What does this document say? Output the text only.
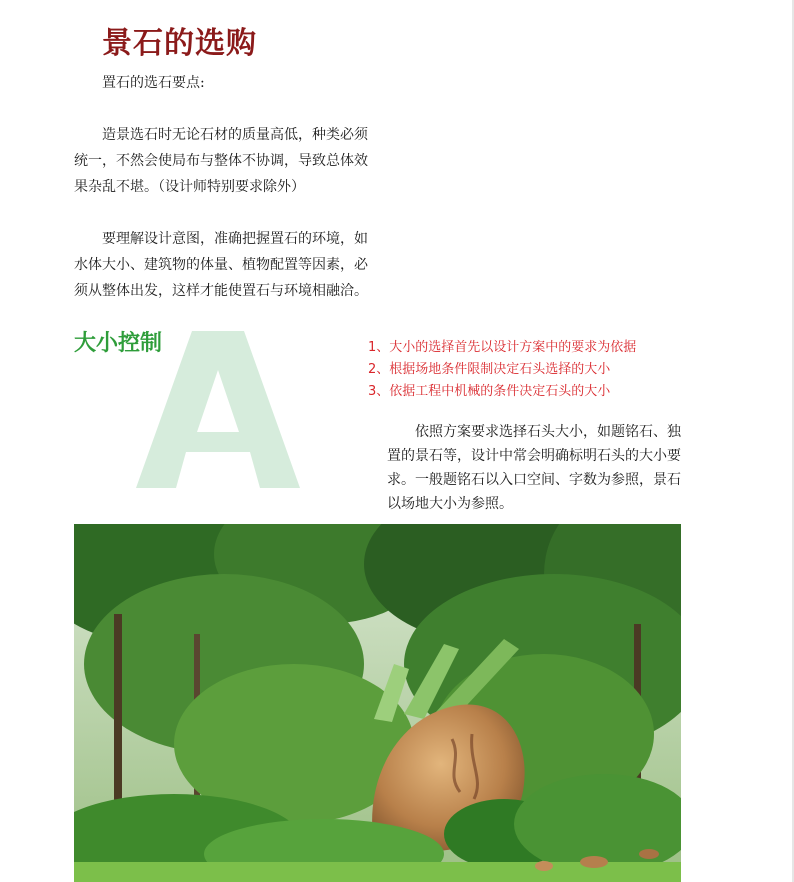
景石的选购

置石的选石要点:

造景选石时无论石材的质量高低，种类必须统一，不然会使局布与整体不协调，导致总体效果杂乱不堪。（设计师特别要求除外）

要理解设计意图，准确把握置石的环境，如水体大小、建筑物的体量、植物配置等因素，必须从整体出发，这样才能使置石与环境相融洽。

大小控制	1、大小的选择首先以设计方案中的要求为依据
2、根据场地条件限制决定石头选择的大小
3、依据工程中机械的条件决定石头的大小

依照方案要求选择石头大小，如题铭石、独置的景石等，设计中常会明确标明石头的大小要求。一般题铭石以入口空间、字数为参照，景石以场地大小为参照。
